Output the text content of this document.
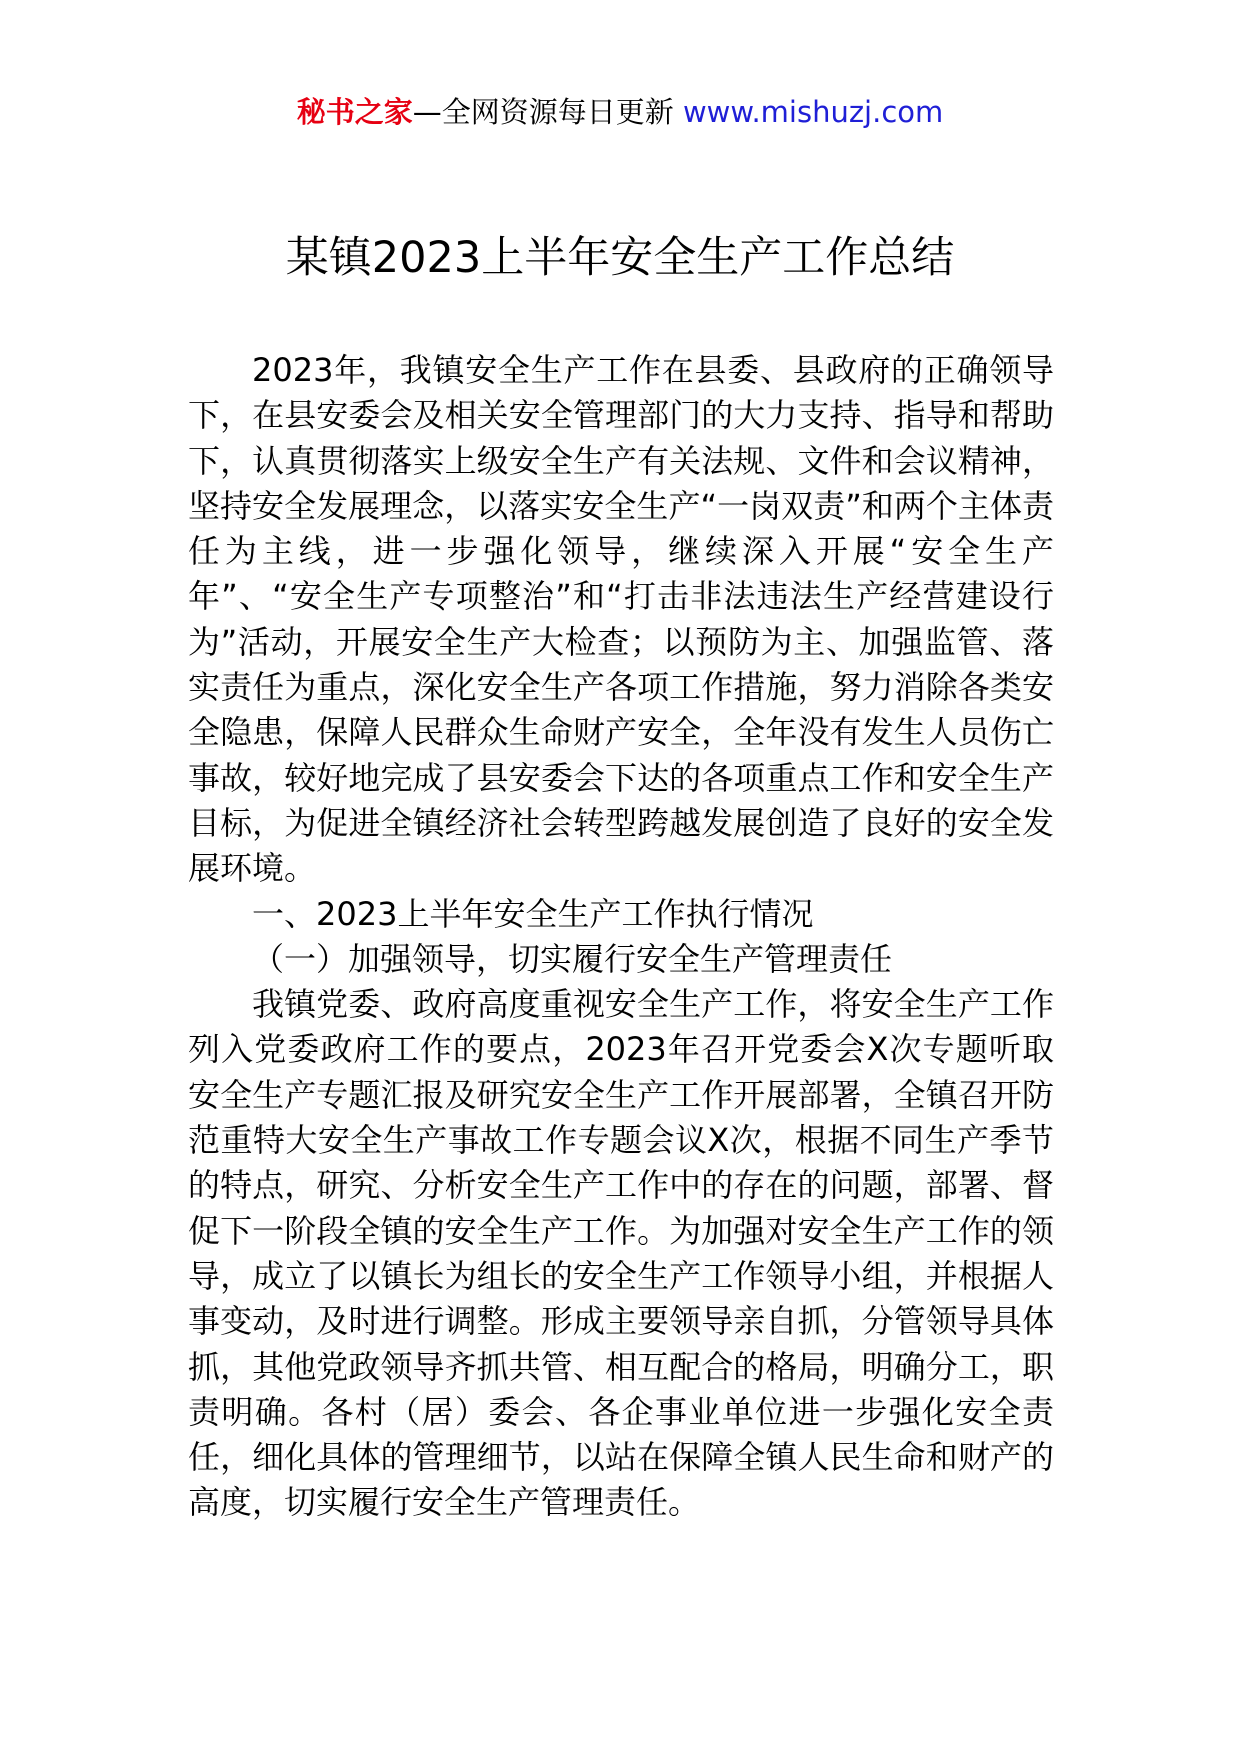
秘书之家—全网资源每日更新 www.mishuzj.com
某镇2023上半年安全生产工作总结

2023年，我镇安全生产工作在县委、县政府的正确领导下，在县安委会及相关安全管理部门的大力支持、指导和帮助下，认真贯彻落实上级安全生产有关法规、文件和会议精神，坚持安全发展理念，以落实安全生产“一岗双责”和两个主体责任为主线，进一步强化领导，继续深入开展“安全生产年”、“安全生产专项整治”和“打击非法违法生产经营建设行为”活动，开展安全生产大检查；以预防为主、加强监管、落实责任为重点，深化安全生产各项工作措施，努力消除各类安全隐患，保障人民群众生命财产安全，全年没有发生人员伤亡事故，较好地完成了县安委会下达的各项重点工作和安全生产目标，为促进全镇经济社会转型跨越发展创造了良好的安全发展环境。

一、2023上半年安全生产工作执行情况

（一）加强领导，切实履行安全生产管理责任

我镇党委、政府高度重视安全生产工作，将安全生产工作列入党委政府工作的要点，2023年召开党委会X次专题听取安全生产专题汇报及研究安全生产工作开展部署，全镇召开防范重特大安全生产事故工作专题会议X次，根据不同生产季节的特点，研究、分析安全生产工作中的存在的问题，部署、督促下一阶段全镇的安全生产工作。为加强对安全生产工作的领导，成立了以镇长为组长的安全生产工作领导小组，并根据人事变动，及时进行调整。形成主要领导亲自抓，分管领导具体抓，其他党政领导齐抓共管、相互配合的格局，明确分工，职责明确。各村（居）委会、各企事业单位进一步强化安全责任，细化具体的管理细节，以站在保障全镇人民生命和财产的高度，切实履行安全生产管理责任。
